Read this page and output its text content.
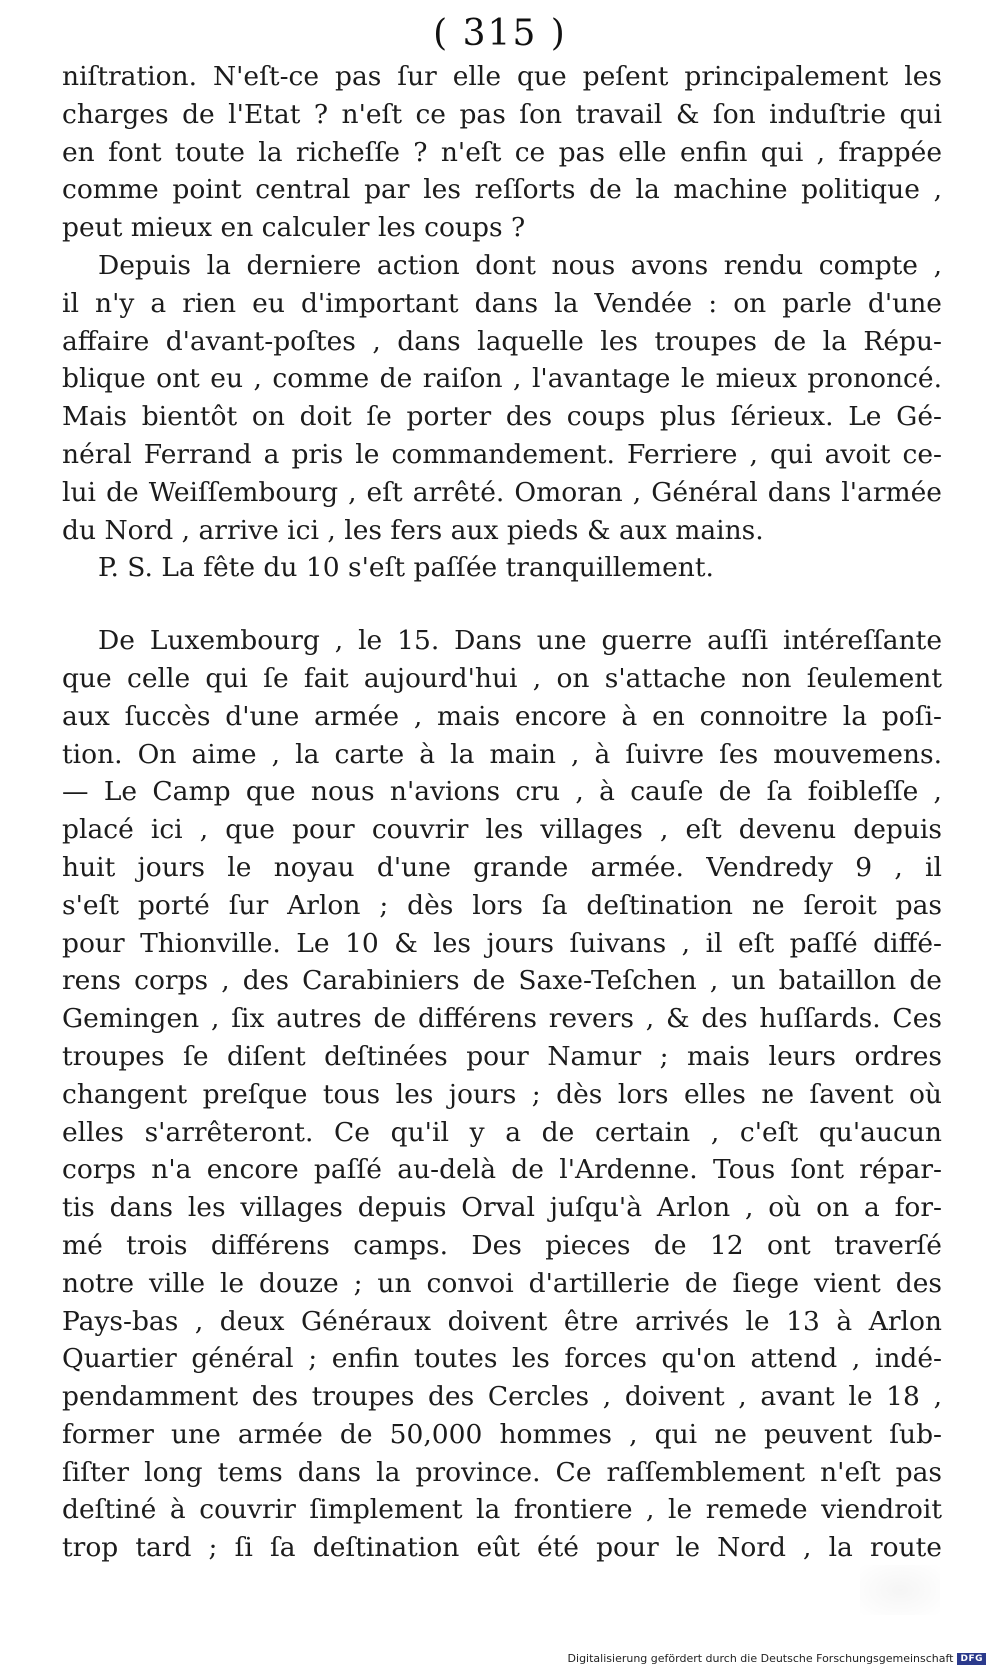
( 315 )
niſtration. N'eſt-ce pas ſur elle que peſent principalement les
charges de l'Etat ? n'eſt ce pas ſon travail & ſon induſtrie qui
en font toute la richeſſe ? n'eſt ce pas elle enfin qui , frappée
comme point central par les reſſorts de la machine politique ,
peut mieux en calculer les coups ?
Depuis la derniere action dont nous avons rendu compte ,
il n'y a rien eu d'important dans la Vendée : on parle d'une
affaire d'avant-poſtes , dans laquelle les troupes de la Répu-
blique ont eu , comme de raiſon , l'avantage le mieux prononcé.
Mais bientôt on doit ſe porter des coups plus ſérieux. Le Gé-
néral Ferrand a pris le commandement. Ferriere , qui avoit ce-
lui de Weiſſembourg , eſt arrêté. Omoran , Général dans l'armée
du Nord , arrive ici , les fers aux pieds & aux mains.
P. S. La fête du 10 s'eſt paſſée tranquillement.
De Luxembourg , le 15. Dans une guerre auſſi intéreſſante
que celle qui ſe fait aujourd'hui , on s'attache non ſeulement
aux ſuccès d'une armée , mais encore à en connoitre la poſi-
tion. On aime , la carte à la main , à ſuivre ſes mouvemens.
— Le Camp que nous n'avions cru , à cauſe de ſa foibleſſe ,
placé ici , que pour couvrir les villages , eſt devenu depuis
huit jours le noyau d'une grande armée. Vendredy 9 , il
s'eſt porté ſur Arlon ; dès lors ſa deſtination ne ſeroit pas
pour Thionville. Le 10 & les jours ſuivans , il eſt paſſé diffé-
rens corps , des Carabiniers de Saxe-Teſchen , un bataillon de
Gemingen , ſix autres de différens revers , & des huſſards. Ces
troupes ſe diſent deſtinées pour Namur ; mais leurs ordres
changent preſque tous les jours ; dès lors elles ne ſavent où
elles s'arrêteront. Ce qu'il y a de certain , c'eſt qu'aucun
corps n'a encore paſſé au-delà de l'Ardenne. Tous ſont répar-
tis dans les villages depuis Orval juſqu'à Arlon , où on a for-
mé trois différens camps. Des pieces de 12 ont traverſé
notre ville le douze ; un convoi d'artillerie de ſiege vient des
Pays-bas , deux Généraux doivent être arrivés le 13 à Arlon
Quartier général ; enfin toutes les forces qu'on attend , indé-
pendamment des troupes des Cercles , doivent , avant le 18 ,
former une armée de 50,000 hommes , qui ne peuvent ſub-
ſiſter long tems dans la province. Ce raſſemblement n'eſt pas
deſtiné à couvrir ſimplement la frontiere , le remede viendroit
trop tard ; ſi ſa deſtination eût été pour le Nord , la route
Digitalisierung gefördert durch die Deutsche Forschungsgemeinschaft DFG
